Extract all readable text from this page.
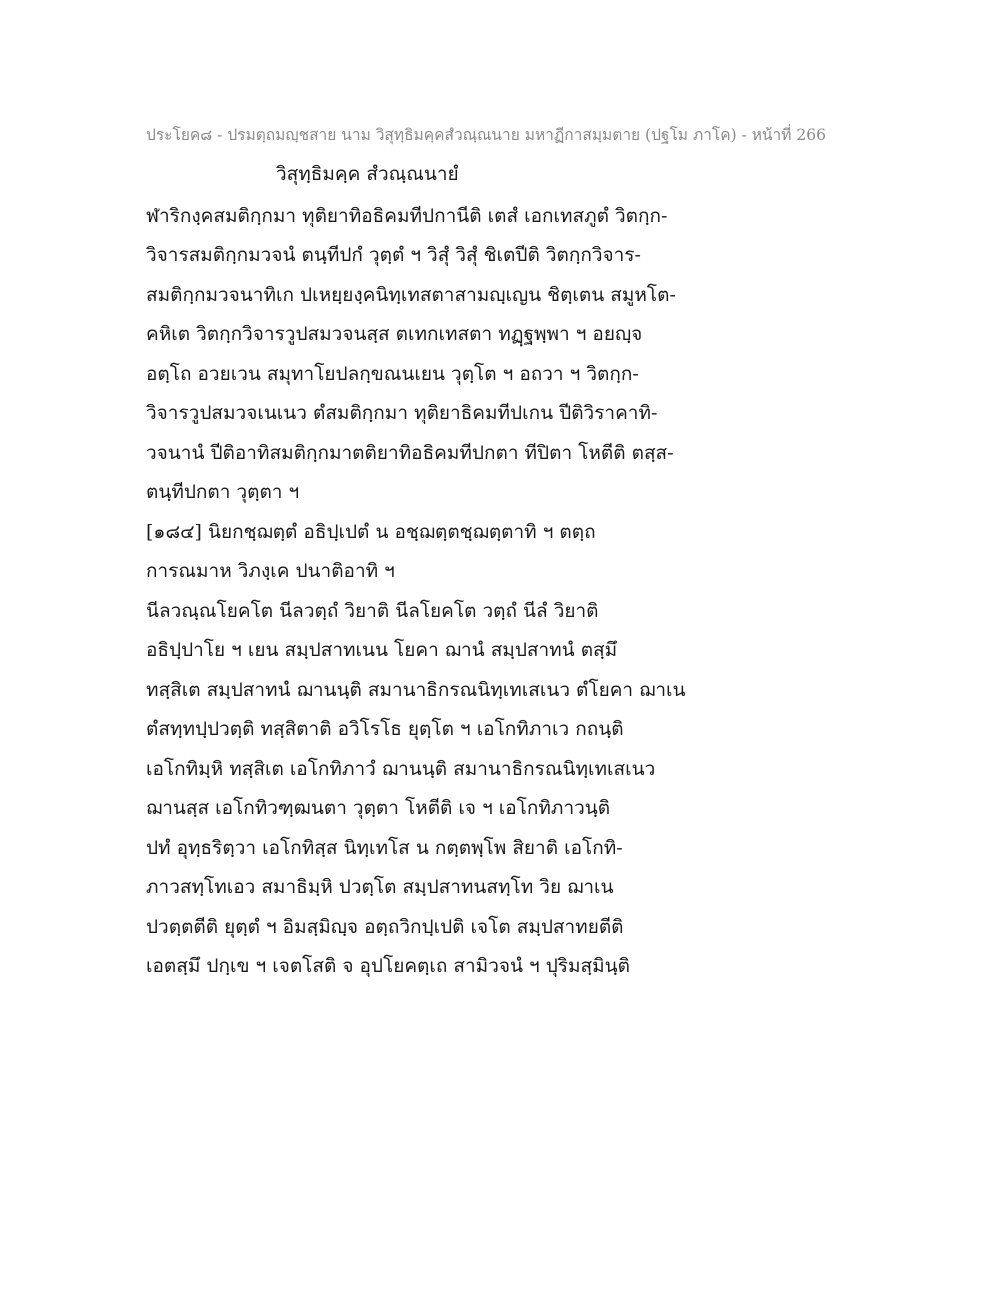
ประโยค๘ - ปรมตฺถมญฺชสาย นาม วิสุทฺธิมคฺคสํวณฺณนาย มหาฏีกาสมฺมตาย (ปฐโม ภาโค) - หน้าที่ 266
วิสุทฺธิมคฺค สํวณฺณนายํ
ฬาริกงฺคสมติกฺกมา ทุติยาทิอธิคมทีปกานีติ เตสํ เอกเทสภูตํ วิตกฺก-
วิจารสมติกฺกมวจนํ ตนฺทีปกํ วุตฺตํ ฯ วิสุํ วิสุํ ชิเตปีติ วิตกฺกวิจาร-
สมติกฺกมวจนาทิเก ปเหยฺยงฺคนิทฺเทสตาสามญฺเญน ชิตฺเตน สมูหโต-
คหิเต วิตกฺกวิจารวูปสมวจนสฺส ตเทกเทสตา ทฏฺฐพฺพา ฯ อยญฺจ
อตฺโถ อวยเวน สมุทาโยปลกฺขณนเยน วุตฺโต ฯ อถวา ฯ วิตกฺก-
วิจารวูปสมวจเนเนว ตํสมติกฺกมา ทุติยาธิคมทีปเกน ปีติวิราคาทิ-
วจนานํ ปีติอาทิสมติกฺกมาตติยาทิอธิคมทีปกตา ทีปิตา โหตีติ ตสฺส-
ตนฺทีปกตา วุตฺตา ฯ
[๑๘๔] นิยกชฺฌตฺตํ อธิปฺเปตํ น อชฺฌตฺตชฺฌตฺตาทิ ฯ ตตฺถ
การณมาห วิภงฺเค ปนาติอาทิ ฯ
นีลวณฺณโยคโต นีลวตฺถํ วิยาติ นีลโยคโต วตฺถํ นีลํ วิยาติ
อธิปฺปาโย ฯ เยน สมฺปสาทเนน โยคา ฌานํ สมฺปสาทนํ ตสฺมึ
ทสฺสิเต สมฺปสาทนํ ฌานนฺติ สมานาธิกรณนิทฺเทเสเนว ตํโยคา ฌาเน
ตํสทฺทปฺปวตฺติ ทสฺสิตาติ อวิโรโธ ยุตฺโต ฯ เอโกทิภาเว กถนฺติ
เอโกทิมฺหิ ทสฺสิเต เอโกทิภาวํ ฌานนฺติ สมานาธิกรณนิทฺเทเสเนว
ฌานสฺส เอโกทิวฑฺฒนตา วุตฺตา โหตีติ เจ ฯ เอโกทิภาวนฺติ
ปทํ อุทฺธริตฺวา เอโกทิสฺส นิทฺเทโส น กตฺตพฺโพ สิยาติ เอโกทิ-
ภาวสทฺโทเอว สมาธิมฺหิ ปวตฺโต สมฺปสาทนสทฺโท วิย ฌาเน
ปวตฺตตีติ ยุตฺตํ ฯ อิมสฺมิญฺจ อตฺถวิกปฺเปติ เจโต สมฺปสาทยตีติ
เอตสฺมึ ปกฺเข ฯ เจตโสติ จ อุปโยคตฺเถ สามิวจนํ ฯ ปุริมสฺมินฺติ
